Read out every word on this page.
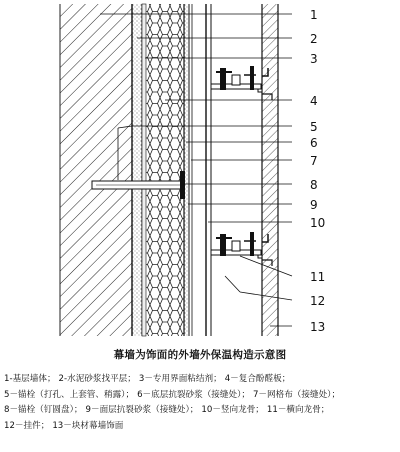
1
2
3
4
5
6
7
8
9
10
11
12
13
幕墙为饰面的外墙外保温构造示意图
1-基层墙体； 2-水泥砂浆找平层； 3－专用界面粘结剂； 4－复合酚醛板；
5－锚栓（打孔、上套管、稍露）； 6－底层抗裂砂浆（接缝处）； 7－网格布（接缝处）；
8－锚栓（钉圆盘）； 9－面层抗裂砂浆（接缝处）； 10－竖向龙骨； 11－横向龙骨；
12－挂件； 13－块材幕墙饰面
